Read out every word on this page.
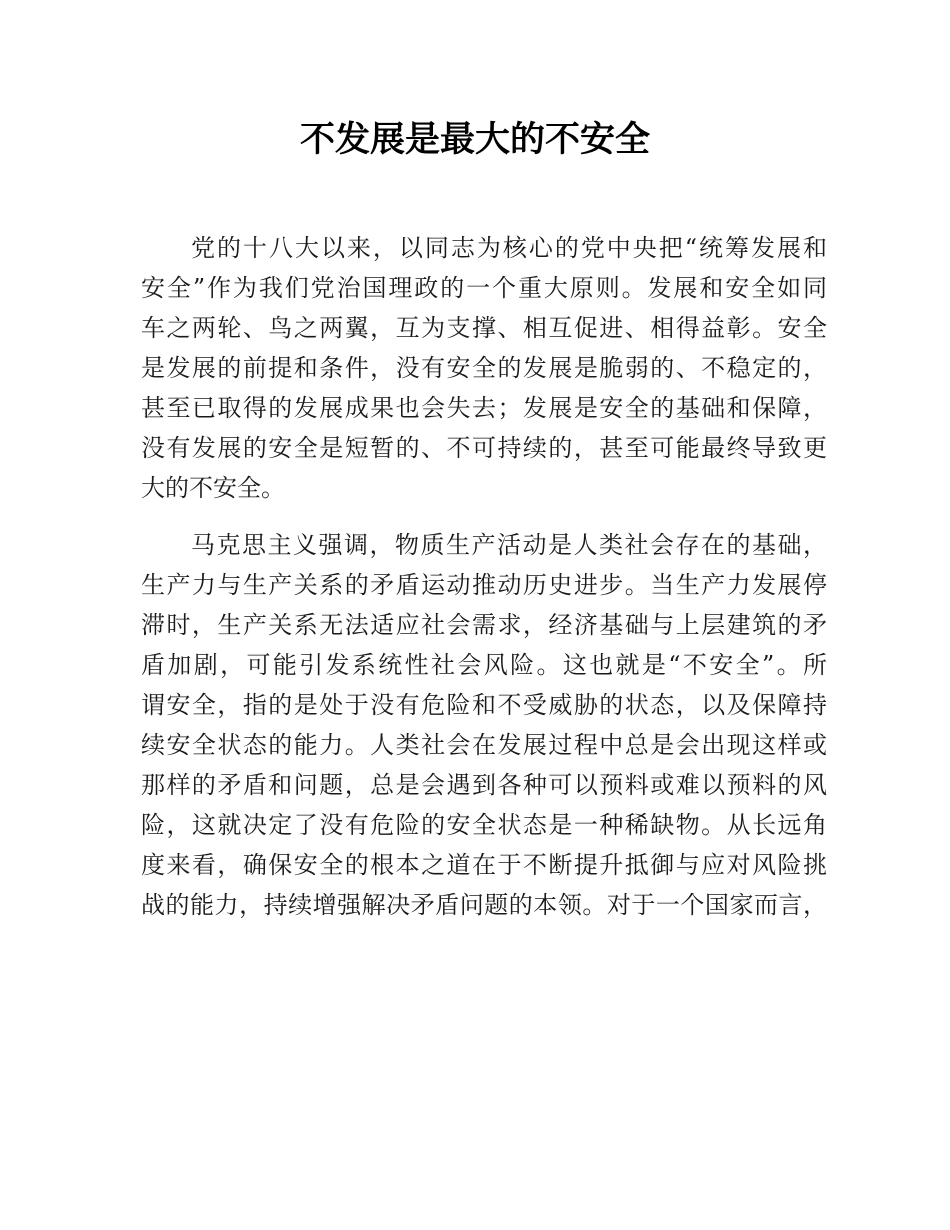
不发展是最大的不安全

党的十八大以来，以同志为核心的党中央把“统筹发展和
安全”作为我们党治国理政的一个重大原则。发展和安全如同
车之两轮、鸟之两翼，互为支撑、相互促进、相得益彰。安全
是发展的前提和条件，没有安全的发展是脆弱的、不稳定的，
甚至已取得的发展成果也会失去；发展是安全的基础和保障，
没有发展的安全是短暂的、不可持续的，甚至可能最终导致更
大的不安全。

马克思主义强调，物质生产活动是人类社会存在的基础，
生产力与生产关系的矛盾运动推动历史进步。当生产力发展停
滞时，生产关系无法适应社会需求，经济基础与上层建筑的矛
盾加剧，可能引发系统性社会风险。这也就是“不安全”。所
谓安全，指的是处于没有危险和不受威胁的状态，以及保障持
续安全状态的能力。人类社会在发展过程中总是会出现这样或
那样的矛盾和问题，总是会遇到各种可以预料或难以预料的风
险，这就决定了没有危险的安全状态是一种稀缺物。从长远角
度来看，确保安全的根本之道在于不断提升抵御与应对风险挑
战的能力，持续增强解决矛盾问题的本领。对于一个国家而言，
